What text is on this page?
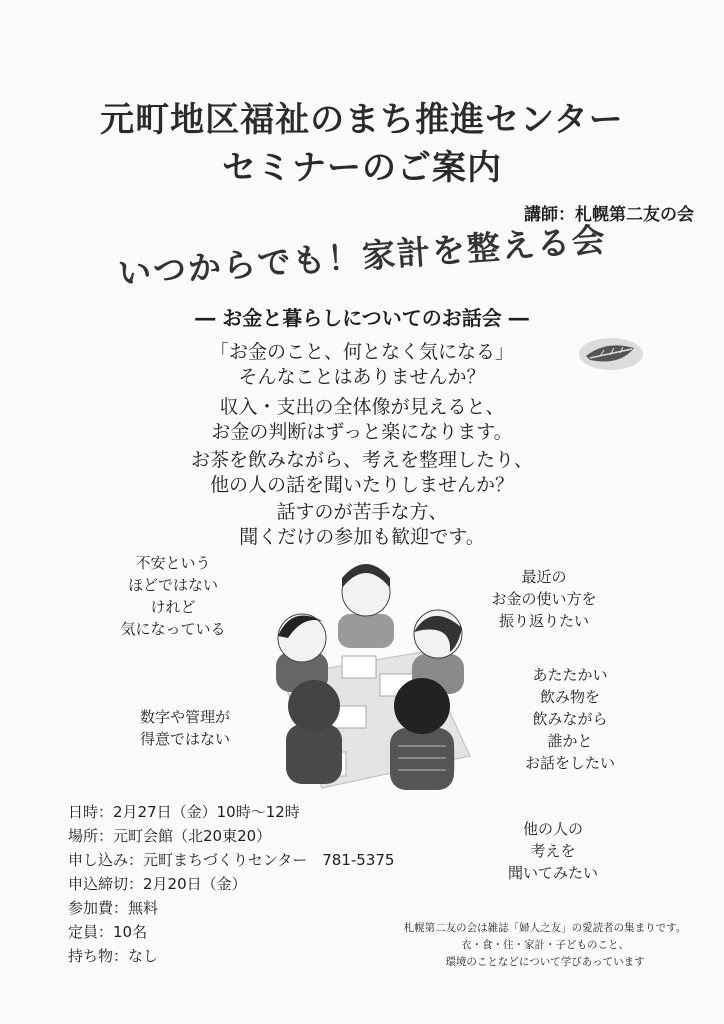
元町地区福祉のまち推進センター
セミナーのご案内
講師：札幌第二友の会
いつからでも！家計を整える会
― お金と暮らしについてのお話会 ―
「お金のこと、何となく気になる」
そんなことはありませんか？
収入・支出の全体像が見えると、
お金の判断はずっと楽になります。
お茶を飲みながら、考えを整理したり、
他の人の話を聞いたりしませんか？
話すのが苦手な方、
聞くだけの参加も歓迎です。
不安という
ほどではない
けれど
気になっている
最近の
お金の使い方を
振り返りたい
数字や管理が
得意ではない
あたたかい
飲み物を
飲みながら
誰かと
お話をしたい
他の人の
考えを
聞いてみたい
日時：2月27日（金）10時～12時
場所：元町会館（北20東20）
申し込み：元町まちづくりセンター　781-5375
申込締切：2月20日（金）
参加費：無料
定員：10名
持ち物：なし
札幌第二友の会は雑誌「婦人之友」の愛読者の集まりです。
衣・食・住・家計・子どものこと、
環境のことなどについて学びあっています
